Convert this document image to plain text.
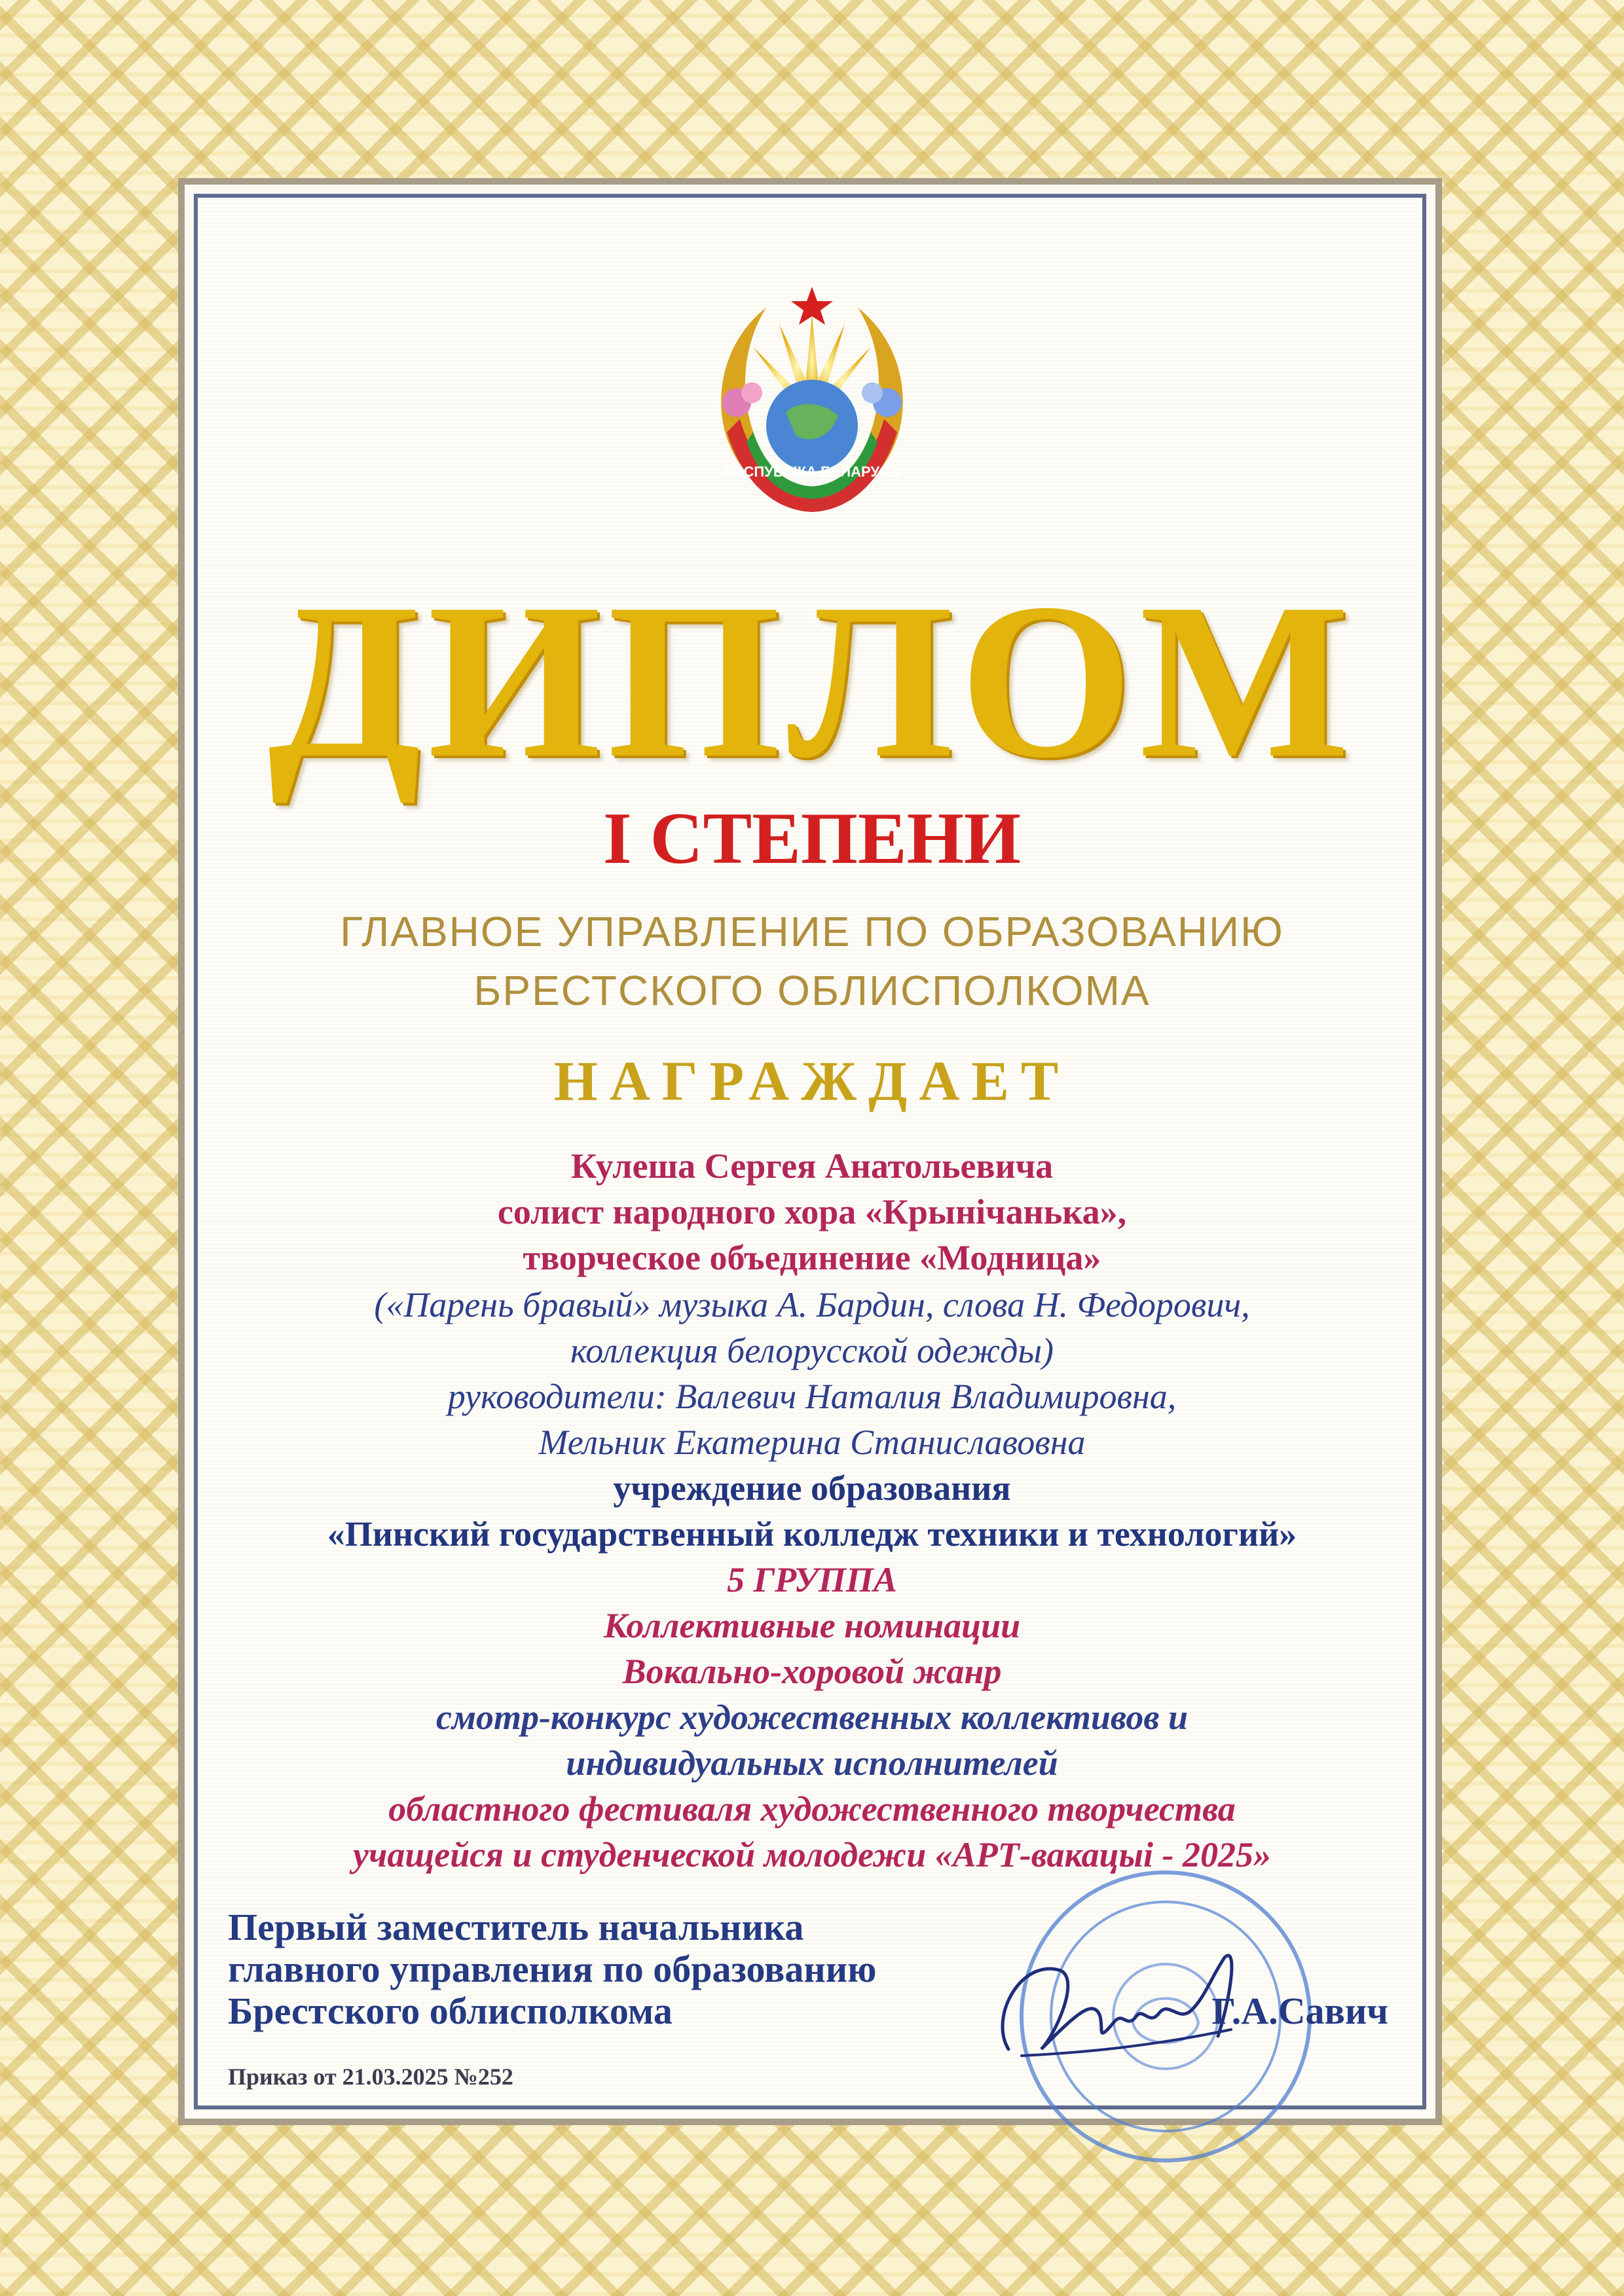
РЭСПУБЛІКА БЕЛАРУСЬ
ДИПЛОМ
I СТЕПЕНИ
ГЛАВНОЕ УПРАВЛЕНИЕ ПО ОБРАЗОВАНИЮ
БРЕСТСКОГО ОБЛИСПОЛКОМА
НАГРАЖДАЕТ
Кулеша Сергея Анатольевича
солист народного хора «Крынічанька»,
творческое объединение «Модница»
(«Парень бравый» музыка А. Бардин, слова Н. Федорович,
коллекция белорусской одежды)
руководители: Валевич Наталия Владимировна,
Мельник Екатерина Станиславовна
учреждение образования
«Пинский государственный колледж техники и технологий»
5 ГРУППА
Коллективные номинации
Вокально-хоровой жанр
смотр-конкурс художественных коллективов и
индивидуальных исполнителей
областного фестиваля художественного творчества
учащейся и студенческой молодежи «АРТ-вакацыі - 2025»
Первый заместитель начальника
главного управления по образованию
Брестского облисполкома	Г.А.Савич
Приказ от 21.03.2025 №252
